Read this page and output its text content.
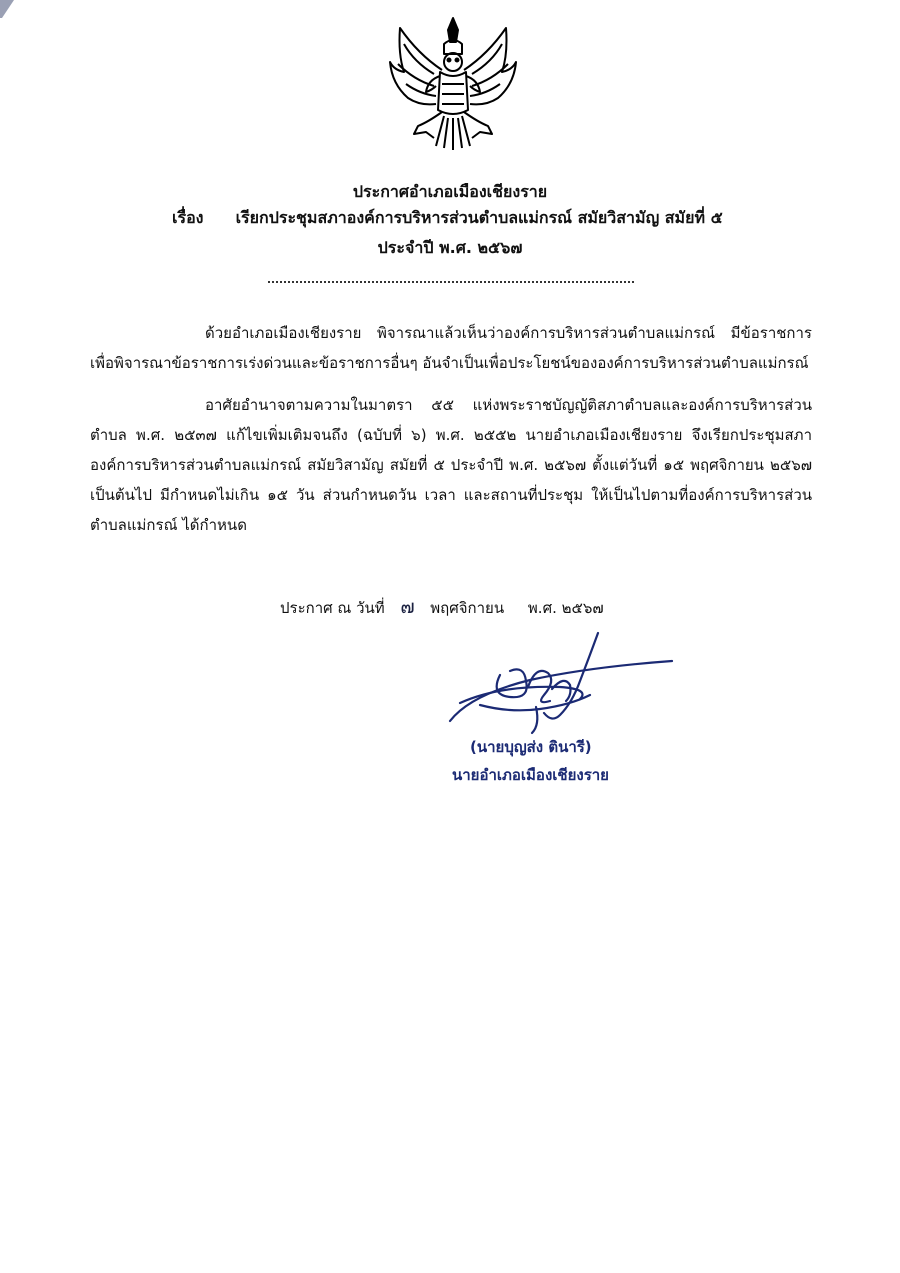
ประกาศอำเภอเมืองเชียงราย
เรื่อง เรียกประชุมสภาองค์การบริหารส่วนตำบลแม่กรณ์ สมัยวิสามัญ สมัยที่ ๕
ประจำปี พ.ศ. ๒๕๖๗
ด้วยอำเภอเมืองเชียงราย พิจารณาแล้วเห็นว่าองค์การบริหารส่วนตำบลแม่กรณ์ มีข้อราชการเพื่อพิจารณาข้อราชการเร่งด่วนและข้อราชการอื่นๆ อันจำเป็นเพื่อประโยชน์ขององค์การบริหารส่วนตำบลแม่กรณ์
อาศัยอำนาจตามความในมาตรา ๕๕ แห่งพระราชบัญญัติสภาตำบลและองค์การบริหารส่วนตำบล พ.ศ. ๒๕๓๗ แก้ไขเพิ่มเติมจนถึง (ฉบับที่ ๖) พ.ศ. ๒๕๕๒ นายอำเภอเมืองเชียงราย จึงเรียกประชุมสภาองค์การบริหารส่วนตำบลแม่กรณ์ สมัยวิสามัญ สมัยที่ ๕ ประจำปี พ.ศ. ๒๕๖๗ ตั้งแต่วันที่ ๑๕ พฤศจิกายน ๒๕๖๗ เป็นต้นไป มีกำหนดไม่เกิน ๑๕ วัน ส่วนกำหนดวัน เวลา และสถานที่ประชุม ให้เป็นไปตามที่องค์การบริหารส่วนตำบลแม่กรณ์ ได้กำหนด
ประกาศ ณ วันที่ ๗ พฤศจิกายน พ.ศ. ๒๕๖๗
(นายบุญส่ง ตินารี)
นายอำเภอเมืองเชียงราย
